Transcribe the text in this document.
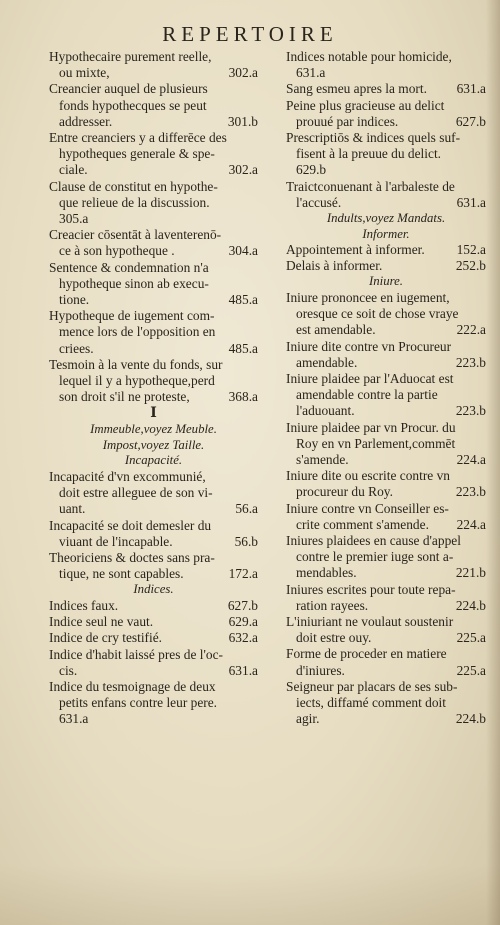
REPERTOIRE
Hypothecaire purement reelle,
ou mixte,	302.a
Creancier auquel de plusieurs
fonds hypothecques se peut
addresser.	301.b
Entre creanciers y a differēce des
hypotheques generale & spe-
ciale.	302.a
Clause de constitut en hypothe-
que relieue de la discussion.
305.a
Creacier cōsentāt à laventerenō-
ce à son hypotheque .	304.a
Sentence & condemnation n'a
hypotheque sinon ab execu-
tione.	485.a
Hypotheque de iugement com-
mence lors de l'opposition en
criees.	485.a
Tesmoin à la vente du fonds, sur
lequel il y a hypotheque,perd
son droit s'il ne proteste,	368.a
I
Immeuble,voyez Meuble.
Impost,voyez Taille.
Incapacité.
Incapacité d'vn excommunié,
doit estre alleguee de son vi-
uant.	56.a
Incapacité se doit demesler du
viuant de l'incapable.	56.b
Theoriciens & doctes sans pra-
tique, ne sont capables.	172.a
Indices.
Indices faux.	627.b
Indice seul ne vaut.	629.a
Indice de cry testifié.	632.a
Indice d'habit laissé pres de l'oc-
cis.	631.a
Indice du tesmoignage de deux
petits enfans contre leur pere.
631.a
Indices notable pour homicide,
631.a
Sang esmeu apres la mort. 631.a
Peine plus gracieuse au delict
prouué par indices.	627.b
Prescriptiōs & indices quels suf-
fisent à la preuue du delict.
629.b
Traictconuenant à l'arbaleste de
l'accusé.	631.a
Indults,voyez Mandats.
Informer.
Appointement à informer. 152.a
Delais à informer.	252.b
Iniure.
Iniure prononcee en iugement,
oresque ce soit de chose vraye
est amendable.	222.a
Iniure dite contre vn Procureur
amendable.	223.b
Iniure plaidee par l'Aduocat est
amendable contre la partie
l'aduouant.	223.b
Iniure plaidee par vn Procur. du
Roy en vn Parlement,commēt
s'amende.	224.a
Iniure dite ou escrite contre vn
procureur du Roy.	223.b
Iniure contre vn Conseiller es-
crite comment s'amende. 224.a
Iniures plaidees en cause d'appel
contre le premier iuge sont a-
mendables.	221.b
Iniures escrites pour toute repa-
ration rayees.	224.b
L'iniuriant ne voulaut soustenir
doit estre ouy.	225.a
Forme de proceder en matiere
d'iniures.	225.a
Seigneur par placars de ses sub-
iects, diffamé comment doit
agir.	224.b
